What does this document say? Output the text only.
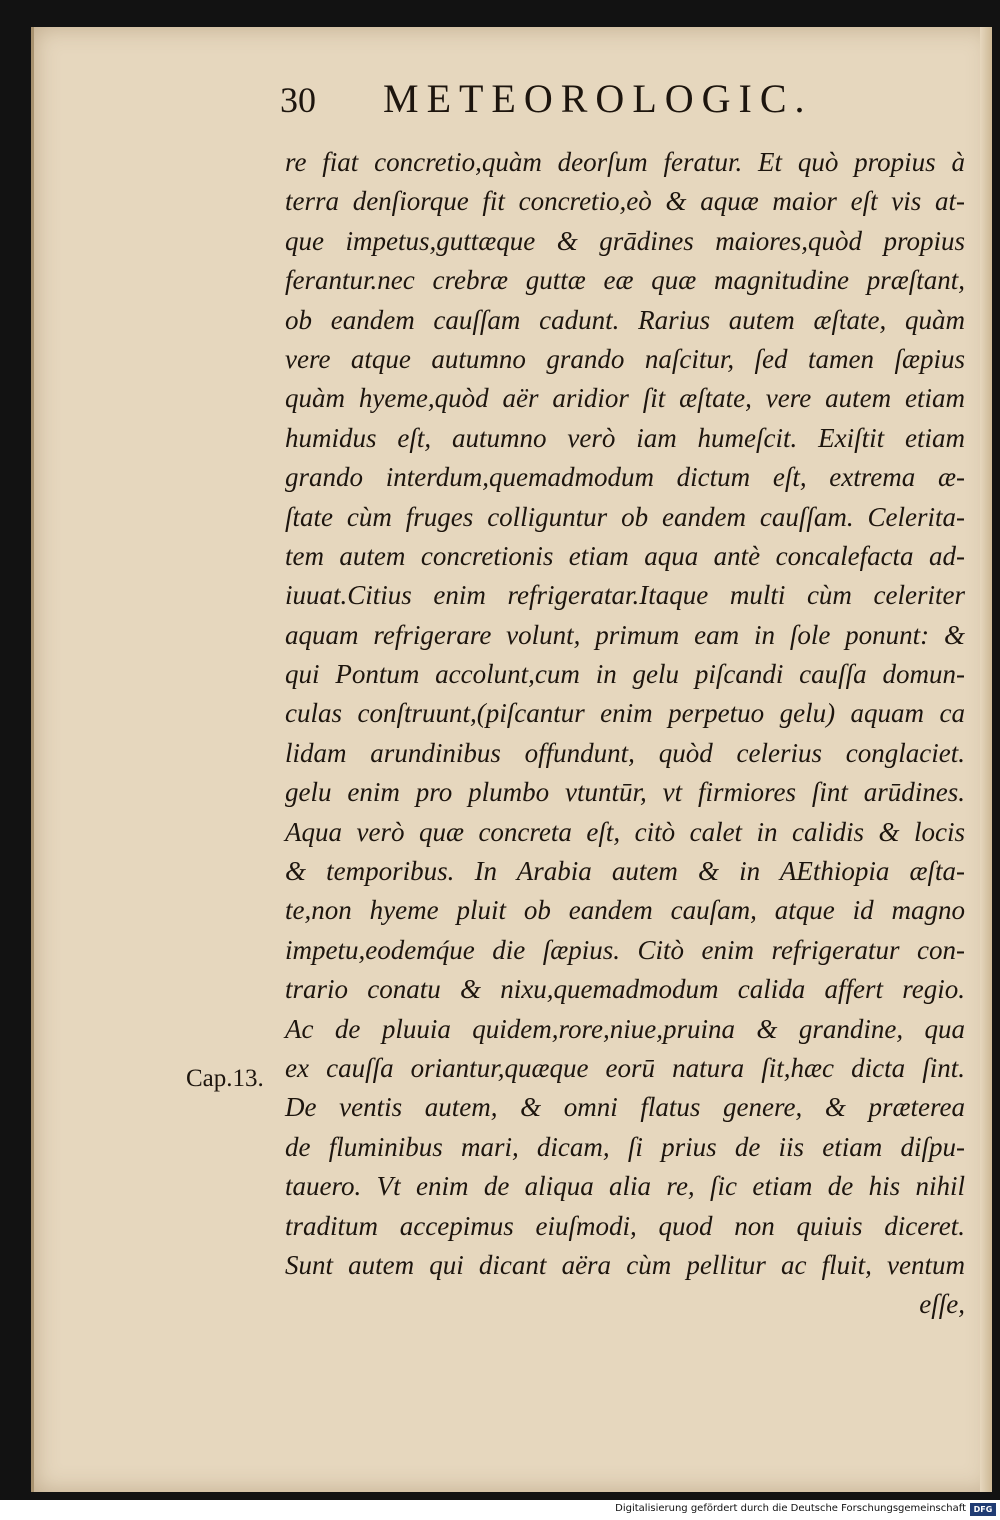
30 METEOROLOGIC.
Cap.13.
re fiat concretio,quàm deorſum feratur. Et quò propius à
terra denſiorque fit concretio,eò & aquæ maior eſt vis at-
que impetus,guttæque & grādines maiores,quòd propius
ferantur.nec crebræ guttæ eæ quæ magnitudine præſtant,
ob eandem cauſſam cadunt. Rarius autem æſtate, quàm
vere atque autumno grando naſcitur, ſed tamen ſæpius
quàm hyeme,quòd aër aridior ſit æſtate, vere autem etiam
humidus eſt, autumno verò iam humeſcit. Exiſtit etiam
grando interdum,quemadmodum dictum eſt, extrema æ-
ſtate cùm fruges colliguntur ob eandem cauſſam. Celerita-
tem autem concretionis etiam aqua antè concalefacta ad-
iuuat.Citius enim refrigeratar.Itaque multi cùm celeriter
aquam refrigerare volunt, primum eam in ſole ponunt: &
qui Pontum accolunt,cum in gelu piſcandi cauſſa domun-
culas conſtruunt,(piſcantur enim perpetuo gelu) aquam ca
lidam arundinibus offundunt, quòd celerius conglaciet.
gelu enim pro plumbo vtuntūr, vt firmiores ſint arūdines.
Aqua verò quæ concreta eſt, citò calet in calidis & locis
& temporibus. In Arabia autem & in AEthiopia æſta-
te,non hyeme pluit ob eandem cauſam, atque id magno
impetu,eodemq́ue die ſæpius. Citò enim refrigeratur con-
trario conatu & nixu,quemadmodum calida affert regio.
Ac de pluuia quidem,rore,niue,pruina & grandine, qua
ex cauſſa oriantur,quæque eorū natura ſit,hæc dicta ſint.
De ventis autem, & omni flatus genere, & præterea
de fluminibus mari, dicam, ſi prius de iis etiam diſpu-
tauero. Vt enim de aliqua alia re, ſic etiam de his nihil
traditum accepimus eiuſmodi, quod non quiuis diceret.
Sunt autem qui dicant aëra cùm pellitur ac fluit, ventum
eſſe,
Digitalisierung gefördert durch die Deutsche Forschungsgemeinschaft DFG
